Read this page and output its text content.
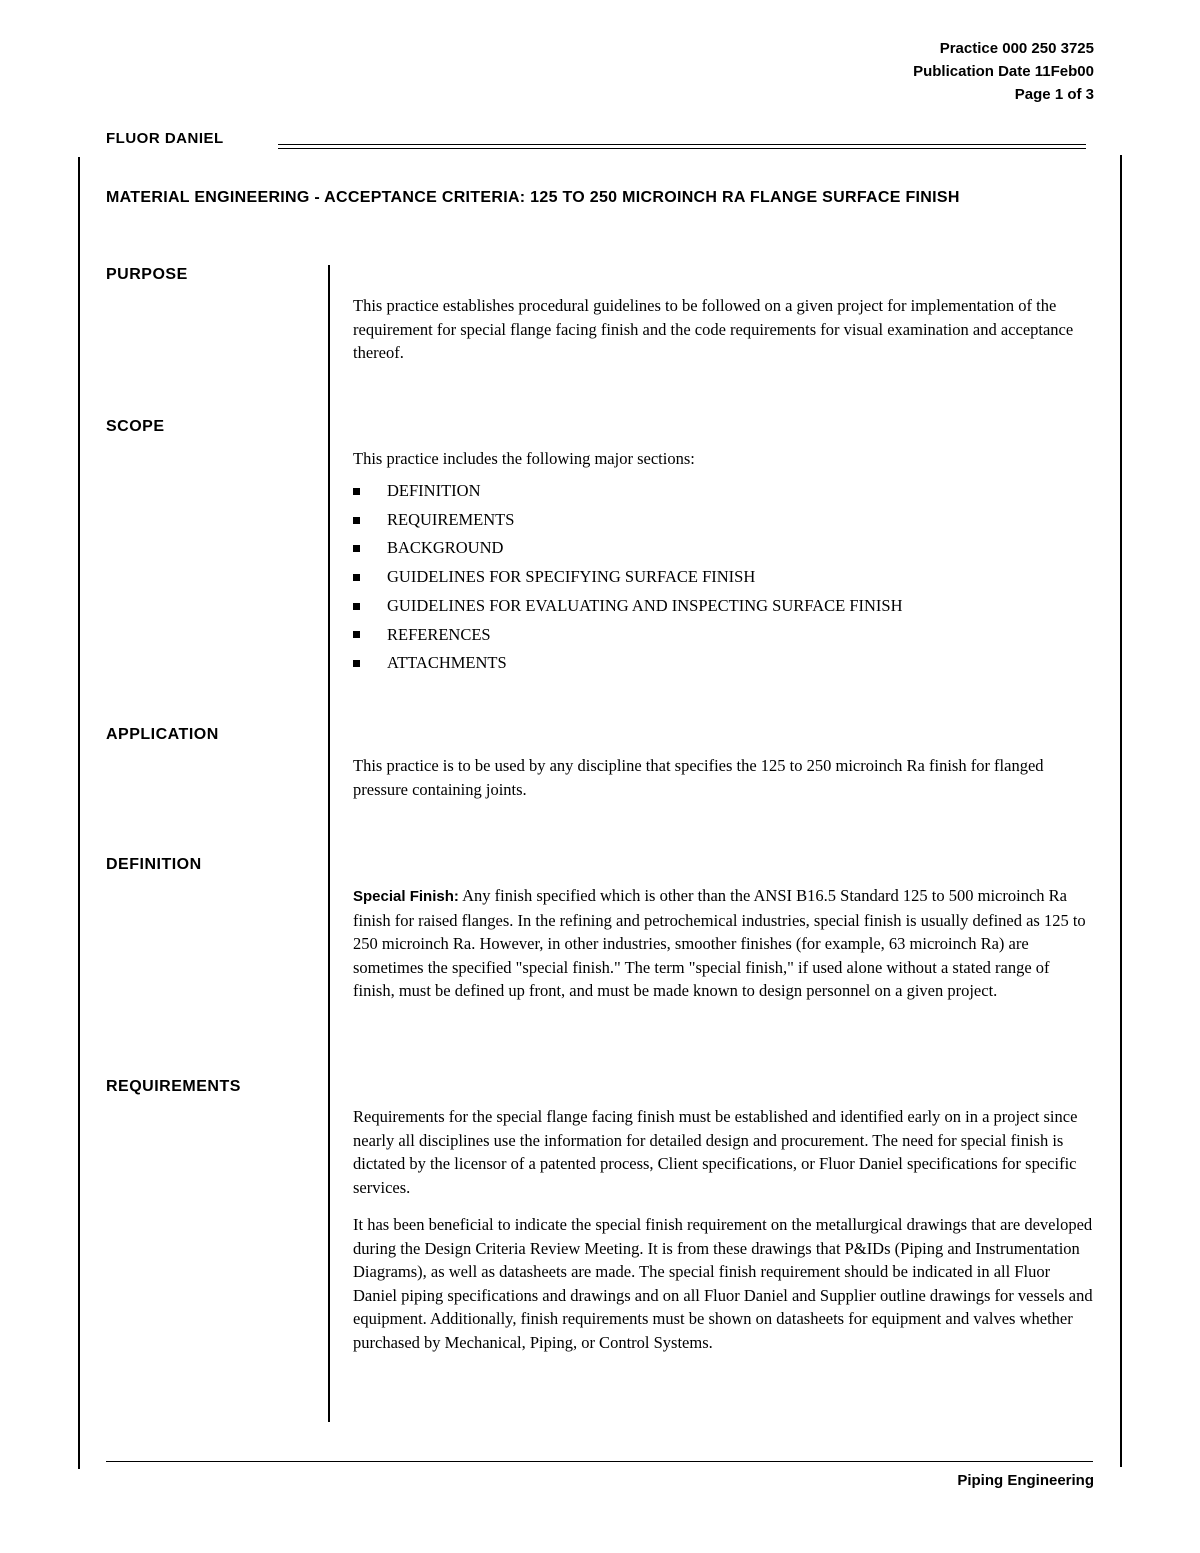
Practice 000 250 3725
Publication Date 11Feb00
Page 1 of 3
FLUOR DANIEL
MATERIAL ENGINEERING - ACCEPTANCE CRITERIA: 125 TO 250 MICROINCH RA FLANGE SURFACE FINISH
PURPOSE

This practice establishes procedural guidelines to be followed on a given project for implementation of the requirement for special flange facing finish and the code requirements for visual examination and acceptance thereof.

SCOPE

This practice includes the following major sections:

DEFINITION
REQUIREMENTS
BACKGROUND
GUIDELINES FOR SPECIFYING SURFACE FINISH
GUIDELINES FOR EVALUATING AND INSPECTING SURFACE FINISH
REFERENCES
ATTACHMENTS
APPLICATION

This practice is to be used by any discipline that specifies the 125 to 250 microinch Ra finish for flanged pressure containing joints.

DEFINITION

Special Finish: Any finish specified which is other than the ANSI B16.5 Standard 125 to 500 microinch Ra finish for raised flanges. In the refining and petrochemical industries, special finish is usually defined as 125 to 250 microinch Ra. However, in other industries, smoother finishes (for example, 63 microinch Ra) are sometimes the specified "special finish." The term "special finish," if used alone without a stated range of finish, must be defined up front, and must be made known to design personnel on a given project.

REQUIREMENTS

Requirements for the special flange facing finish must be established and identified early on in a project since nearly all disciplines use the information for detailed design and procurement. The need for special finish is dictated by the licensor of a patented process, Client specifications, or Fluor Daniel specifications for specific services.

It has been beneficial to indicate the special finish requirement on the metallurgical drawings that are developed during the Design Criteria Review Meeting. It is from these drawings that P&IDs (Piping and Instrumentation Diagrams), as well as datasheets are made. The special finish requirement should be indicated in all Fluor Daniel piping specifications and drawings and on all Fluor Daniel and Supplier outline drawings for vessels and equipment. Additionally, finish requirements must be shown on datasheets for equipment and valves whether purchased by Mechanical, Piping, or Control Systems.

Piping Engineering
